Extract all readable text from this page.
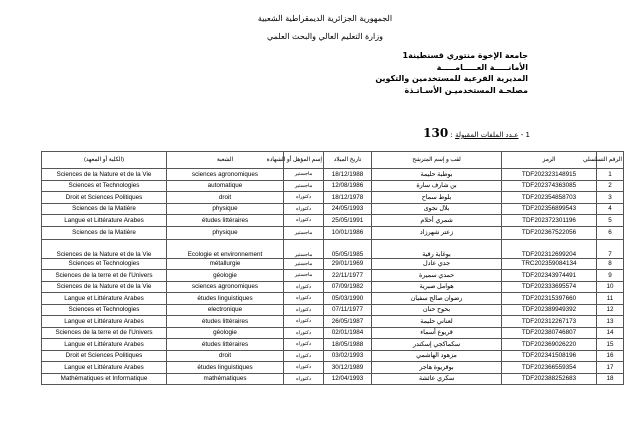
الجمهورية الجزائرية الديمقراطية الشعبية
وزارة التعليم العالي والبحث العلمي
جامعة الإخوة منتوري قسنطينة1
الأمانـــــة العـــــامـــــة
المديرية الفرعية للمستخدمين والتكوين
مصلحـة المستخدميـن الأسـاتـذة
1 - عـدد الملفات المقبولة : 130
الرقم التسلسلي	الرمز	لقب و إسم المترشح	تاريخ الميلاد	إسم المؤهل أو الشهادة	الشعبة	(الكلية أو المعهد)
1	TDF202323148915	بوطبة حليمة	18/12/1988	ماجستير	sciences agronomiques	Sciences de la Nature et de la Vie
2	TDF202374363085	بن شارف سارة	12/08/1986	ماجستير	automatique	Sciences et Technologies
3	TDF202354858703	بلوط سماح	18/12/1978	دكتوراه	droit	Droit et Sciences Politiques
4	TDF202356899543	بلال نجوى	24/05/1993	دكتوراه	physique	Sciences de la Matière
5	TDF202372301196	شمري أحلام	25/05/1991	دكتوراه	études littéraires	Langue et Littérature Arabes
6	TDF202367522056	زعتر شهرزاد	10/01/1986	ماجستير	physique	Sciences de la Matière
7	TDF202312699204	بوغابة رقية	05/05/1985	ماجستير	Ecologie et environnement	Sciences de la Nature et de la Vie
8	TRC202359084134	جدي عادل	29/01/1969	ماجستير	métallurgie	Sciences et Technologies
9	TDF202343974491	حمدي سميرة	22/11/1977	ماجستير	géologie	Sciences de la terre et de l'Univers
10	TDF202333695574	هوامل صبرية	07/09/1982	دكتوراه	sciences agronomiques	Sciences de la Nature et de la Vie
11	TDF202315397660	رضوان صالح سفيان	05/03/1990	دكتوراه	études linguistiques	Langue et Littérature Arabes
12	TDF202389949392	بحوح حنان	07/11/1977	دكتوراه	electronique	Sciences et Technologies
13	TDF202312267173	لعناني حليمة	26/05/1987	دكتوراه	études littéraires	Langue et Littérature Arabes
14	TDF202380746807	قريوع أسماء	02/01/1984	دكتوراه	géologie	Sciences de la terre et de l'Univers
15	TDF202369026220	سكماكجي إسكندر	18/05/1988	دكتوراه	études littéraires	Langue et Littérature Arabes
16	TDF202341508196	مزهود الهاشمي	03/02/1993	دكتوراه	droit	Droit et Sciences Politiques
17	TDF202366559354	بوقريوة هاجر	30/12/1989	دكتوراه	études linguistiques	Langue et Littérature Arabes
18	TDF202388252683	سكري عائشة	12/04/1993	دكتوراه	mathématiques	Mathématiques et Informatique
